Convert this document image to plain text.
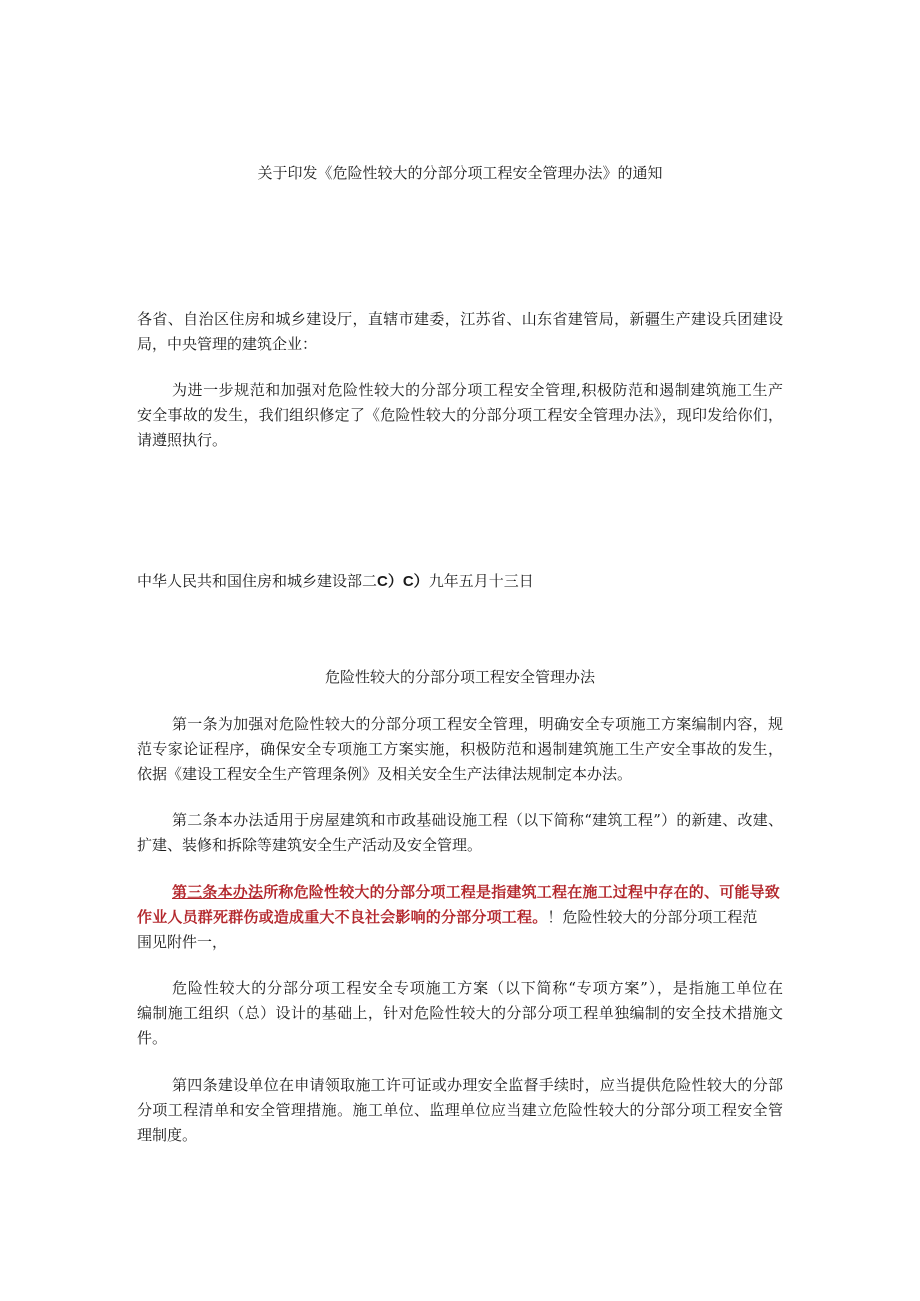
关于印发《危险性较大的分部分项工程安全管理办法》的通知
各省、自治区住房和城乡建设厅，直辖市建委，江苏省、山东省建管局，新疆生产建设兵团建设
局，中央管理的建筑企业：
为进一步规范和加强对危险性较大的分部分项工程安全管理,积极防范和遏制建筑施工生产
安全事故的发生，我们组织修定了《危险性较大的分部分项工程安全管理办法》，现印发给你们，
请遵照执行。
中华人民共和国住房和城乡建设部二C）C）九年五月十三日
危险性较大的分部分项工程安全管理办法
第一条为加强对危险性较大的分部分项工程安全管理，明确安全专项施工方案编制内容，规
范专家论证程序，确保安全专项施工方案实施，积极防范和遏制建筑施工生产安全事故的发生，
依据《建设工程安全生产管理条例》及相关安全生产法律法规制定本办法。
第二条本办法适用于房屋建筑和市政基础设施工程（以下简称“建筑工程”）的新建、改建、
扩建、装修和拆除等建筑安全生产活动及安全管理。
第三条本办法所称危险性较大的分部分项工程是指建筑工程在施工过程中存在的、可能导致
作业人员群死群伤或造成重大不良社会影响的分部分项工程。！危险性较大的分部分项工程范
围见附件一，
危险性较大的分部分项工程安全专项施工方案（以下简称“专项方案”），是指施工单位在
编制施工组织（总）设计的基础上，针对危险性较大的分部分项工程单独编制的安全技术措施文
件。
第四条建设单位在申请领取施工许可证或办理安全监督手续时，应当提供危险性较大的分部
分项工程清单和安全管理措施。施工单位、监理单位应当建立危险性较大的分部分项工程安全管
理制度。
